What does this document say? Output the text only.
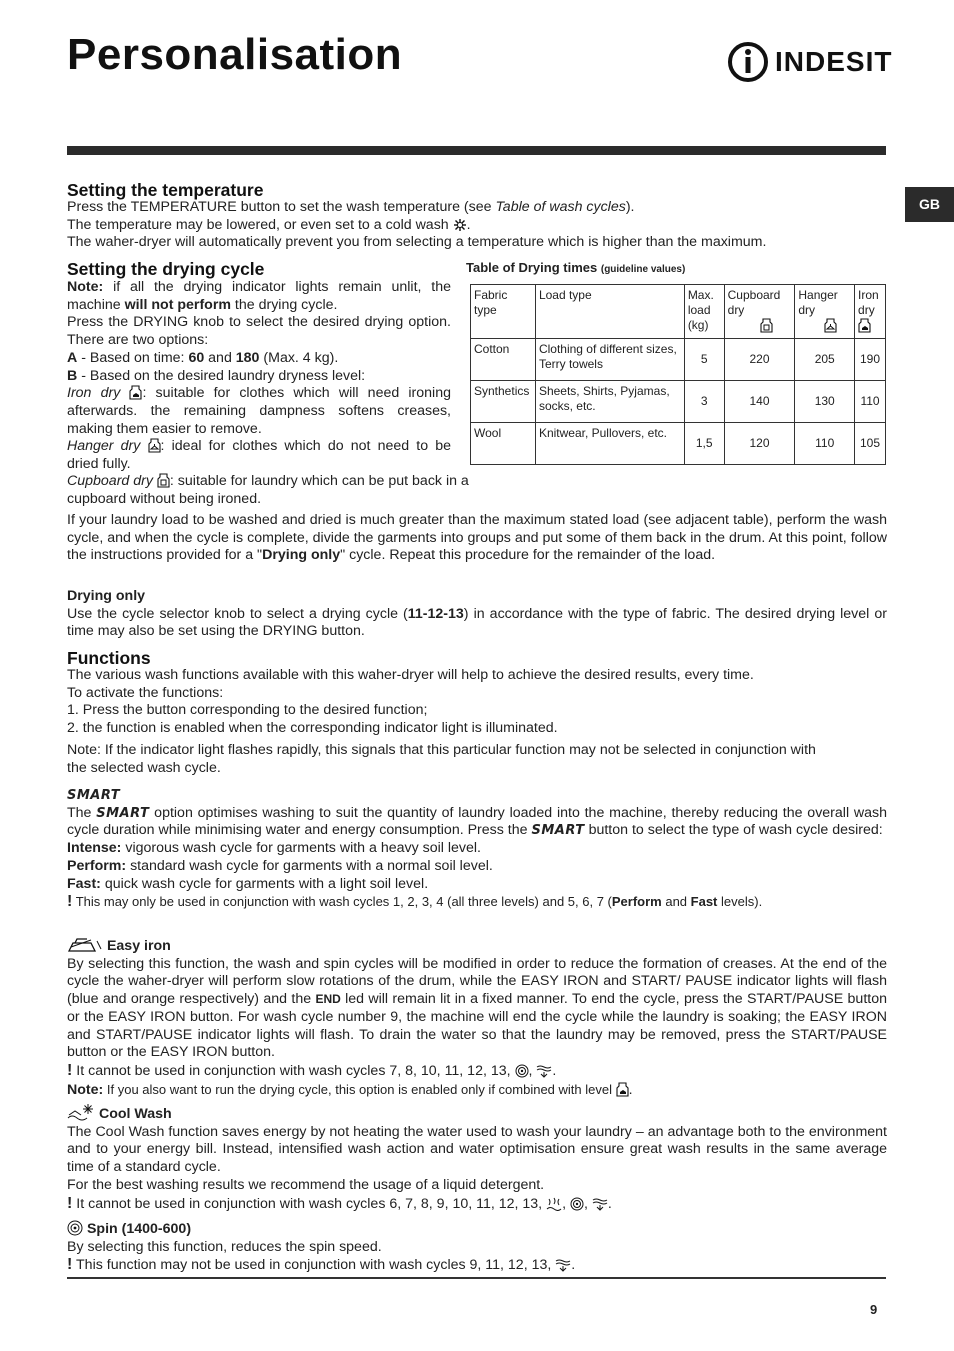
Personalisation	INDESIT
GB
Setting the temperature
Press the TEMPERATURE button to set the wash temperature (see Table of wash cycles).
The temperature may be lowered, or even set to a cold wash .
The waher-dryer will automatically prevent you from selecting a temperature which is higher than the maximum.
Setting the drying cycle
Note: if all the drying indicator lights remain unlit, the machine will not perform the drying cycle.
Press the DRYING knob to select the desired drying option. There are two options:
A - Based on time: 60 and 180 (Max. 4 kg).
B - Based on the desired laundry dryness level:
Iron dry : suitable for clothes which will need ironing afterwards. the remaining dampness softens creases, making them easier to remove.
Hanger dry : ideal for clothes which do not need to be dried fully.
Cupboard dry : suitable for laundry which can be put back in a cupboard without being ironed.
Table of Drying times (guideline values)
Fabric type	Load type	Max. load (kg)	Cupboard dry	Hanger dry	Iron dry

Cotton	Clothing of different sizes, Terry towels	5	220	205	190
Synthetics	Sheets, Shirts, Pyjamas, socks, etc.	3	140	130	110
Wool	Knitwear, Pullovers, etc.	1,5	120	110	105
If your laundry load to be washed and dried is much greater than the maximum stated load (see adjacent table), perform the wash cycle, and when the cycle is complete, divide the garments into groups and put some of them back in the drum. At this point, follow the instructions provided for a "Drying only" cycle. Repeat this procedure for the remainder of the load.
Drying only
Use the cycle selector knob to select a drying cycle (11-12-13) in accordance with the type of fabric. The desired drying level or time may also be set using the DRYING button.
Functions
The various wash functions available with this waher-dryer will help to achieve the desired results, every time.
To activate the functions:
1. Press the button corresponding to the desired function;
2. the function is enabled when the corresponding indicator light is illuminated.
Note: If the indicator light flashes rapidly, this signals that this particular function may not be selected in conjunction with the selected wash cycle.
SMART
The SMART option optimises washing to suit the quantity of laundry loaded into the machine, thereby reducing the overall wash cycle duration while minimising water and energy consumption. Press the SMART button to select the type of wash cycle desired:
Intense: vigorous wash cycle for garments with a heavy soil level.
Perform: standard wash cycle for garments with a normal soil level.
Fast: quick wash cycle for garments with a light soil level.
! This may only be used in conjunction with wash cycles 1, 2, 3, 4 (all three levels) and 5, 6, 7 (Perform and Fast levels).
Easy iron
By selecting this function, the wash and spin cycles will be modified in order to reduce the formation of creases. At the end of the cycle the waher-dryer will perform slow rotations of the drum, while the EASY IRON and START/ PAUSE indicator lights will flash (blue and orange respectively) and the END led will remain lit in a fixed manner. To end the cycle, press the START/PAUSE button or the EASY IRON button. For wash cycle number 9, the machine will end the cycle while the laundry is soaking; the EASY IRON and START/PAUSE indicator lights will flash. To drain the water so that the laundry may be removed, press the START/PAUSE button or the EASY IRON button.
! It cannot be used in conjunction with wash cycles 7, 8, 10, 11, 12, 13, , .
Note: If you also want to run the drying cycle, this option is enabled only if combined with level .
Cool Wash
The Cool Wash function saves energy by not heating the water used to wash your laundry – an advantage both to the environment and to your energy bill. Instead, intensified wash action and water optimisation ensure great wash results in the same average time of a standard cycle.
For the best washing results we recommend the usage of a liquid detergent.
! It cannot be used in conjunction with wash cycles 6, 7, 8, 9, 10, 11, 12, 13, , , .
Spin (1400-600)
By selecting this function, reduces the spin speed.
! This function may not be used in conjunction with wash cycles 9, 11, 12, 13, .
9
